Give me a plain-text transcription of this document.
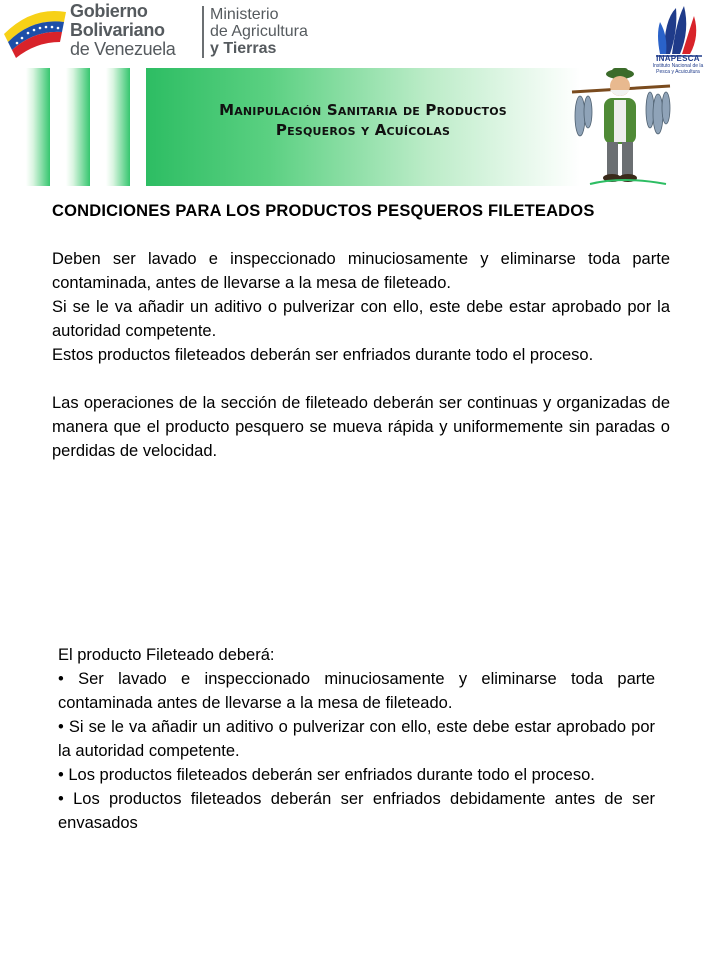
Gobierno
Bolivariano
de Venezuela
Ministerio
de Agricultura
y Tierras
INAPESCA
Instituto Nacional de la
Pesca y Acuicultura
Manipulación Sanitaria de Productos
Pesqueros y Acuícolas
CONDICIONES PARA LOS PRODUCTOS PESQUEROS FILETEADOS

Deben ser lavado e inspeccionado minuciosamente y eliminarse toda parte contaminada, antes de llevarse a la mesa de fileteado.

Si se le va añadir un aditivo o pulverizar con ello, este debe estar aprobado por la autoridad competente.

Estos productos fileteados deberán ser enfriados durante todo el proceso.

Las operaciones de la sección de fileteado deberán ser continuas y organizadas de manera que el producto pesquero se mueva rápida y uniformemente sin paradas o perdidas de velocidad.

El producto Fileteado deberá:

• Ser lavado e inspeccionado minuciosamente y eliminarse toda parte contaminada antes de llevarse a la mesa de fileteado.

• Si se le va añadir un aditivo o pulverizar con ello, este debe estar aprobado por la autoridad competente.

• Los productos fileteados deberán ser enfriados durante todo el proceso.

• Los productos fileteados deberán ser enfriados debidamente antes de ser envasados
